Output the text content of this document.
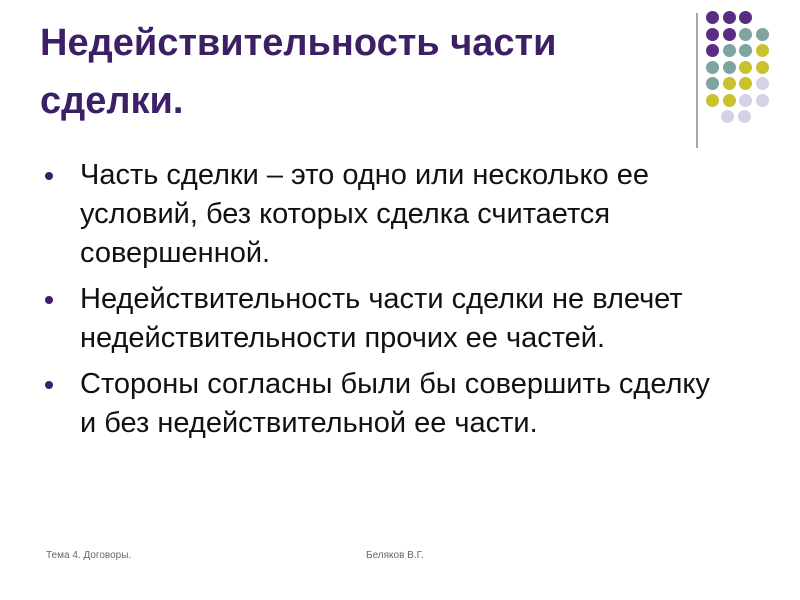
Недействительность части сделки.
Часть сделки – это одно или несколько ее условий, без которых сделка считается совершенной.
Недействительность части сделки не влечет недействительности прочих ее частей.
Стороны согласны были бы совершить сделку и без недействительной ее части.
Тема 4. Договоры.	Беляков В.Г.
